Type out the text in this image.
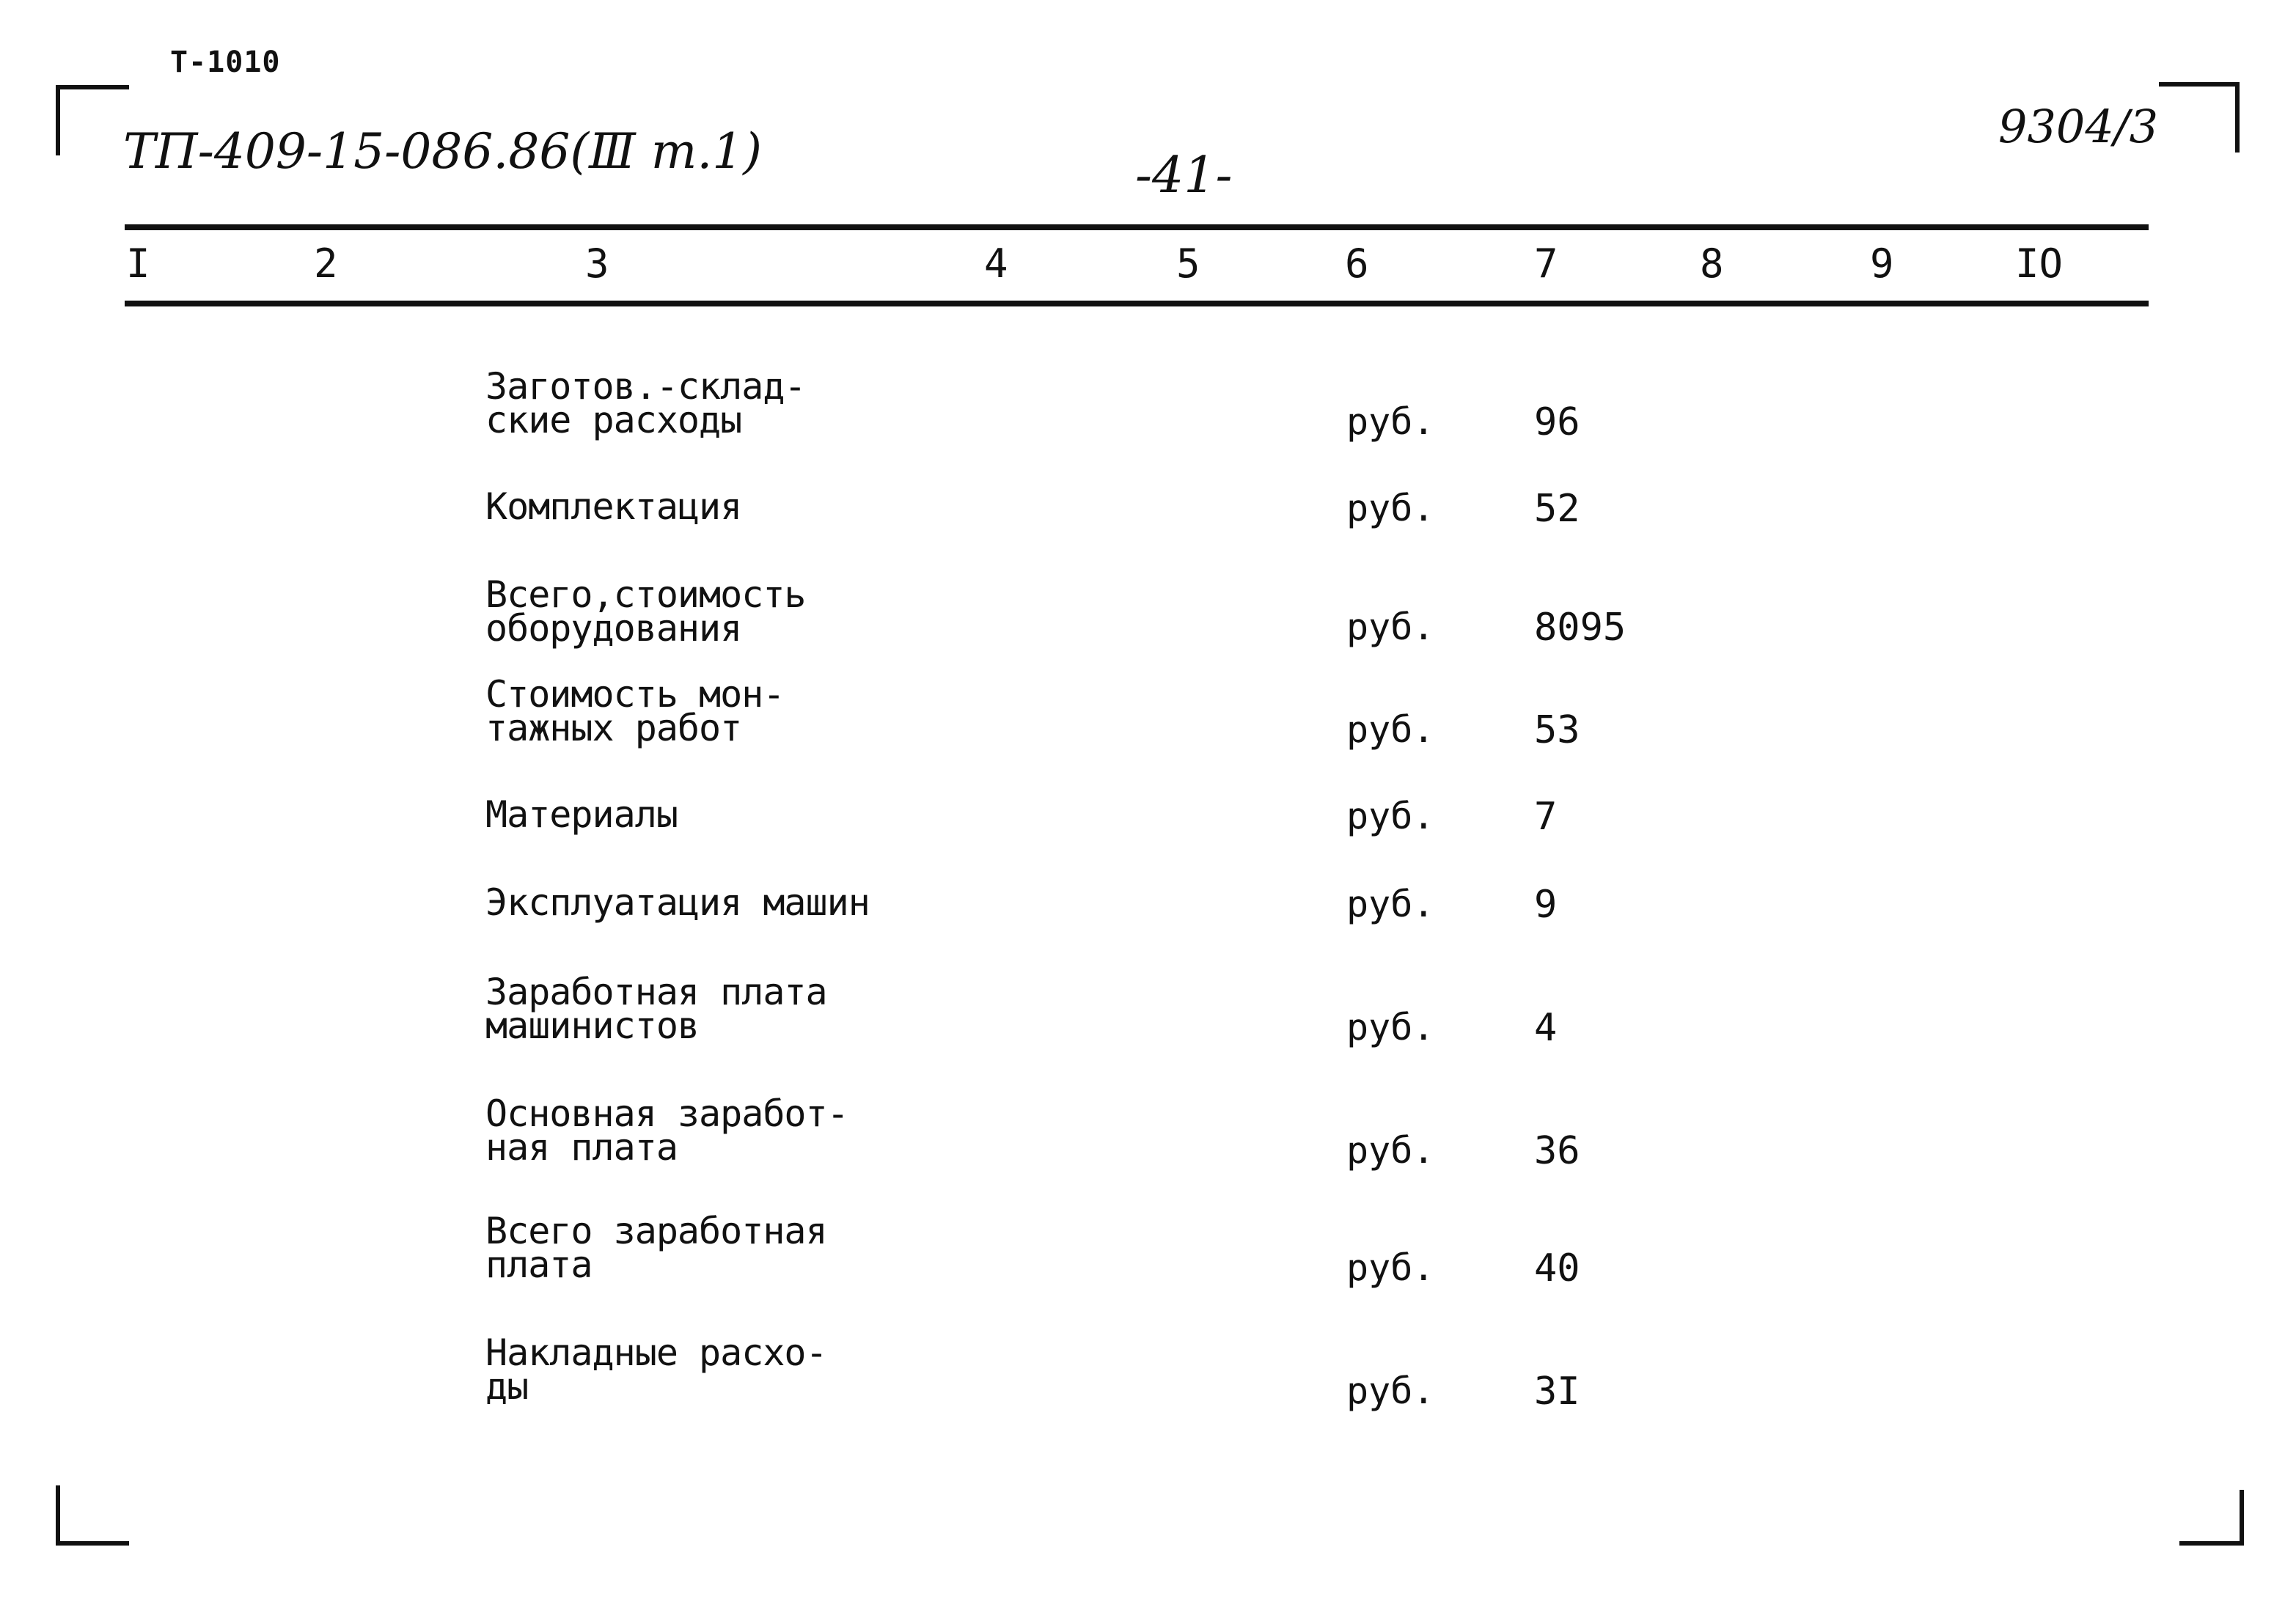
Т-1010
ТП-409-15-086.86(Ⅲ т.1)	-41-
9304/3
I	2	3	4	5	6	7	8	9	IO
Заготов.-склад-
ские расходы	руб.	96
Комплектация	руб.	52
Всего,стоимость
оборудования	руб.	8095
Стоимость мон-
тажных работ	руб.	53
Материалы	руб.	7
Эксплуатация машин	руб.	9
Заработная плата
машинистов	руб.	4
Основная заработ-
ная плата	руб.	36
Всего заработная
плата	руб.	40
Накладные расхо-
ды	руб.	3I
